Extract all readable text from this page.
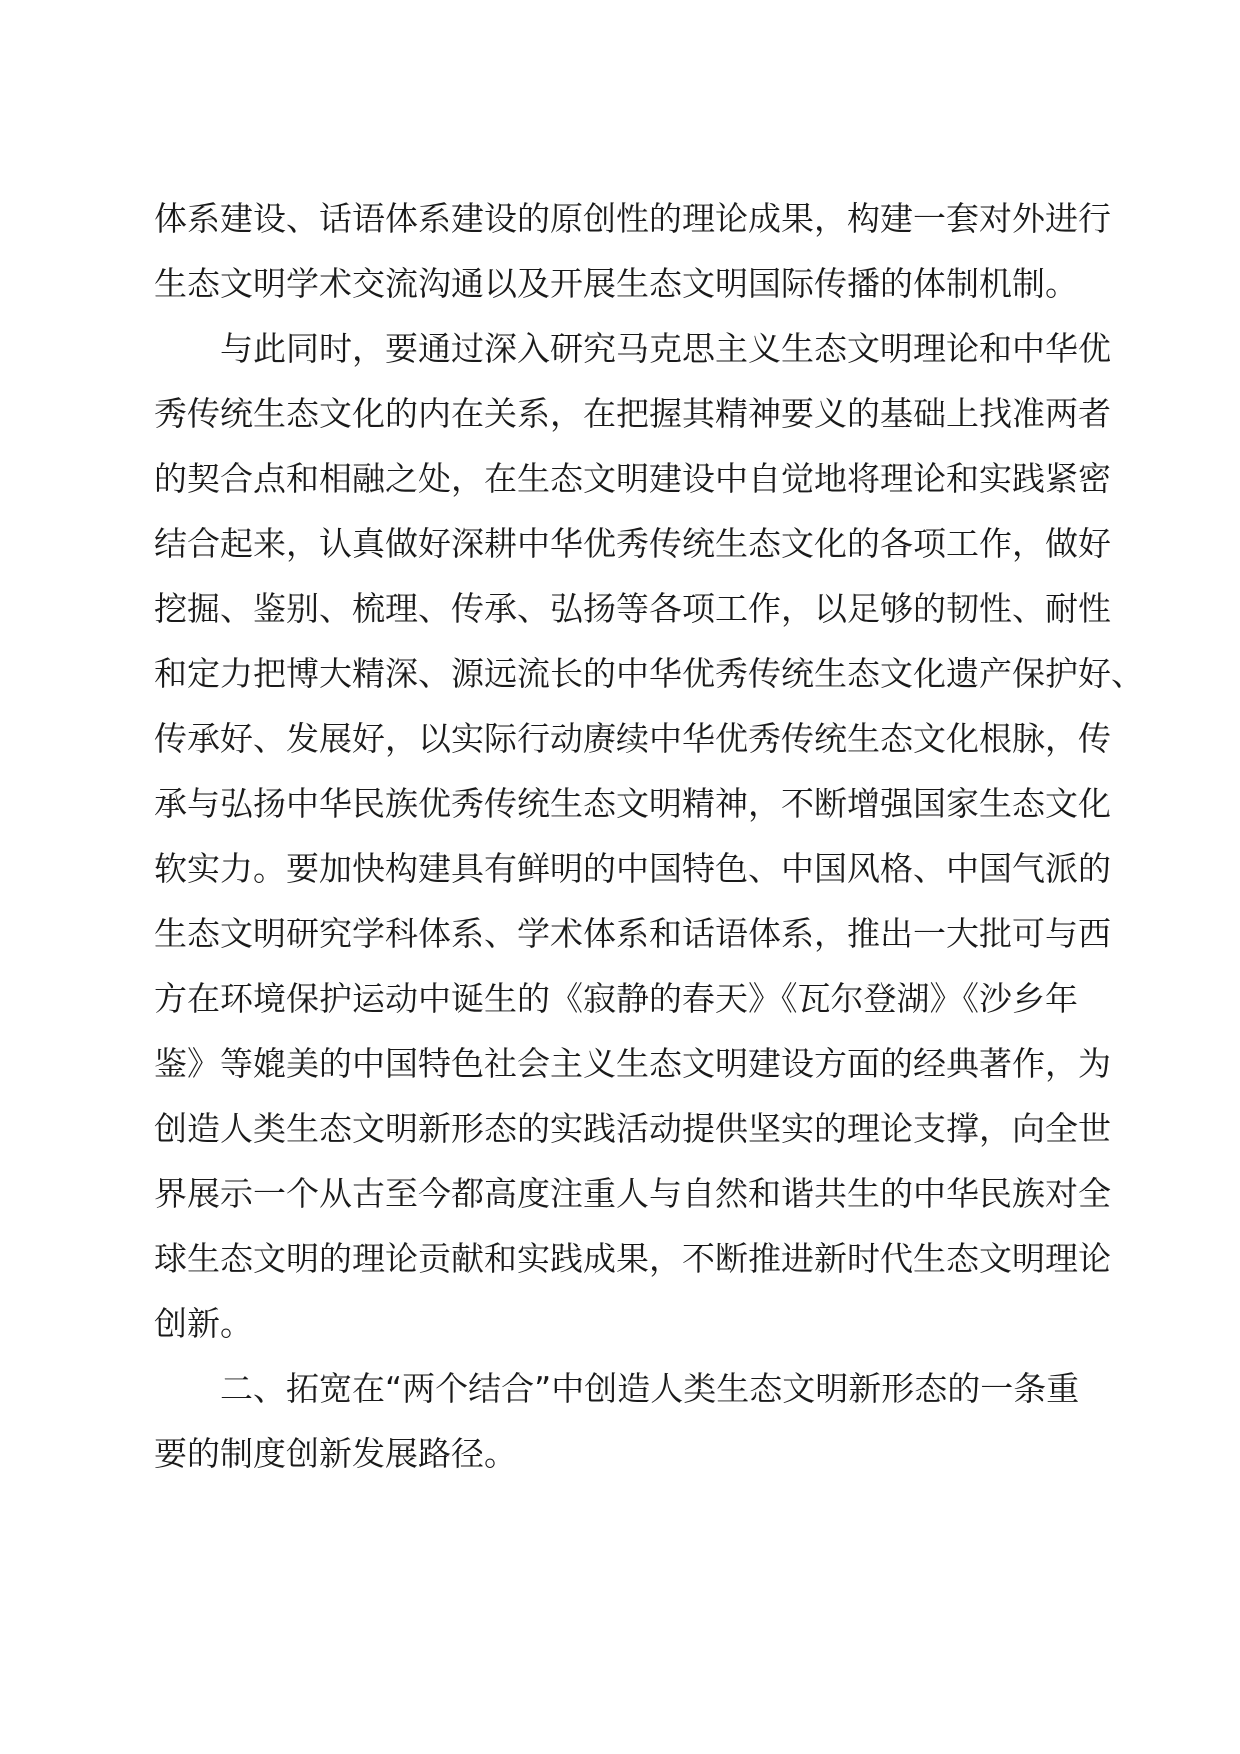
体系建设、话语体系建设的原创性的理论成果，构建一套对外进行
生态文明学术交流沟通以及开展生态文明国际传播的体制机制。
　　与此同时，要通过深入研究马克思主义生态文明理论和中华优
秀传统生态文化的内在关系，在把握其精神要义的基础上找准两者
的契合点和相融之处，在生态文明建设中自觉地将理论和实践紧密
结合起来，认真做好深耕中华优秀传统生态文化的各项工作，做好
挖掘、鉴别、梳理、传承、弘扬等各项工作，以足够的韧性、耐性
和定力把博大精深、源远流长的中华优秀传统生态文化遗产保护好、
传承好、发展好，以实际行动赓续中华优秀传统生态文化根脉，传
承与弘扬中华民族优秀传统生态文明精神，不断增强国家生态文化
软实力。要加快构建具有鲜明的中国特色、中国风格、中国气派的
生态文明研究学科体系、学术体系和话语体系，推出一大批可与西
方在环境保护运动中诞生的《寂静的春天》《瓦尔登湖》《沙乡年
鉴》等媲美的中国特色社会主义生态文明建设方面的经典著作，为
创造人类生态文明新形态的实践活动提供坚实的理论支撑，向全世
界展示一个从古至今都高度注重人与自然和谐共生的中华民族对全
球生态文明的理论贡献和实践成果，不断推进新时代生态文明理论
创新。
　　二、拓宽在“两个结合”中创造人类生态文明新形态的一条重
要的制度创新发展路径。
